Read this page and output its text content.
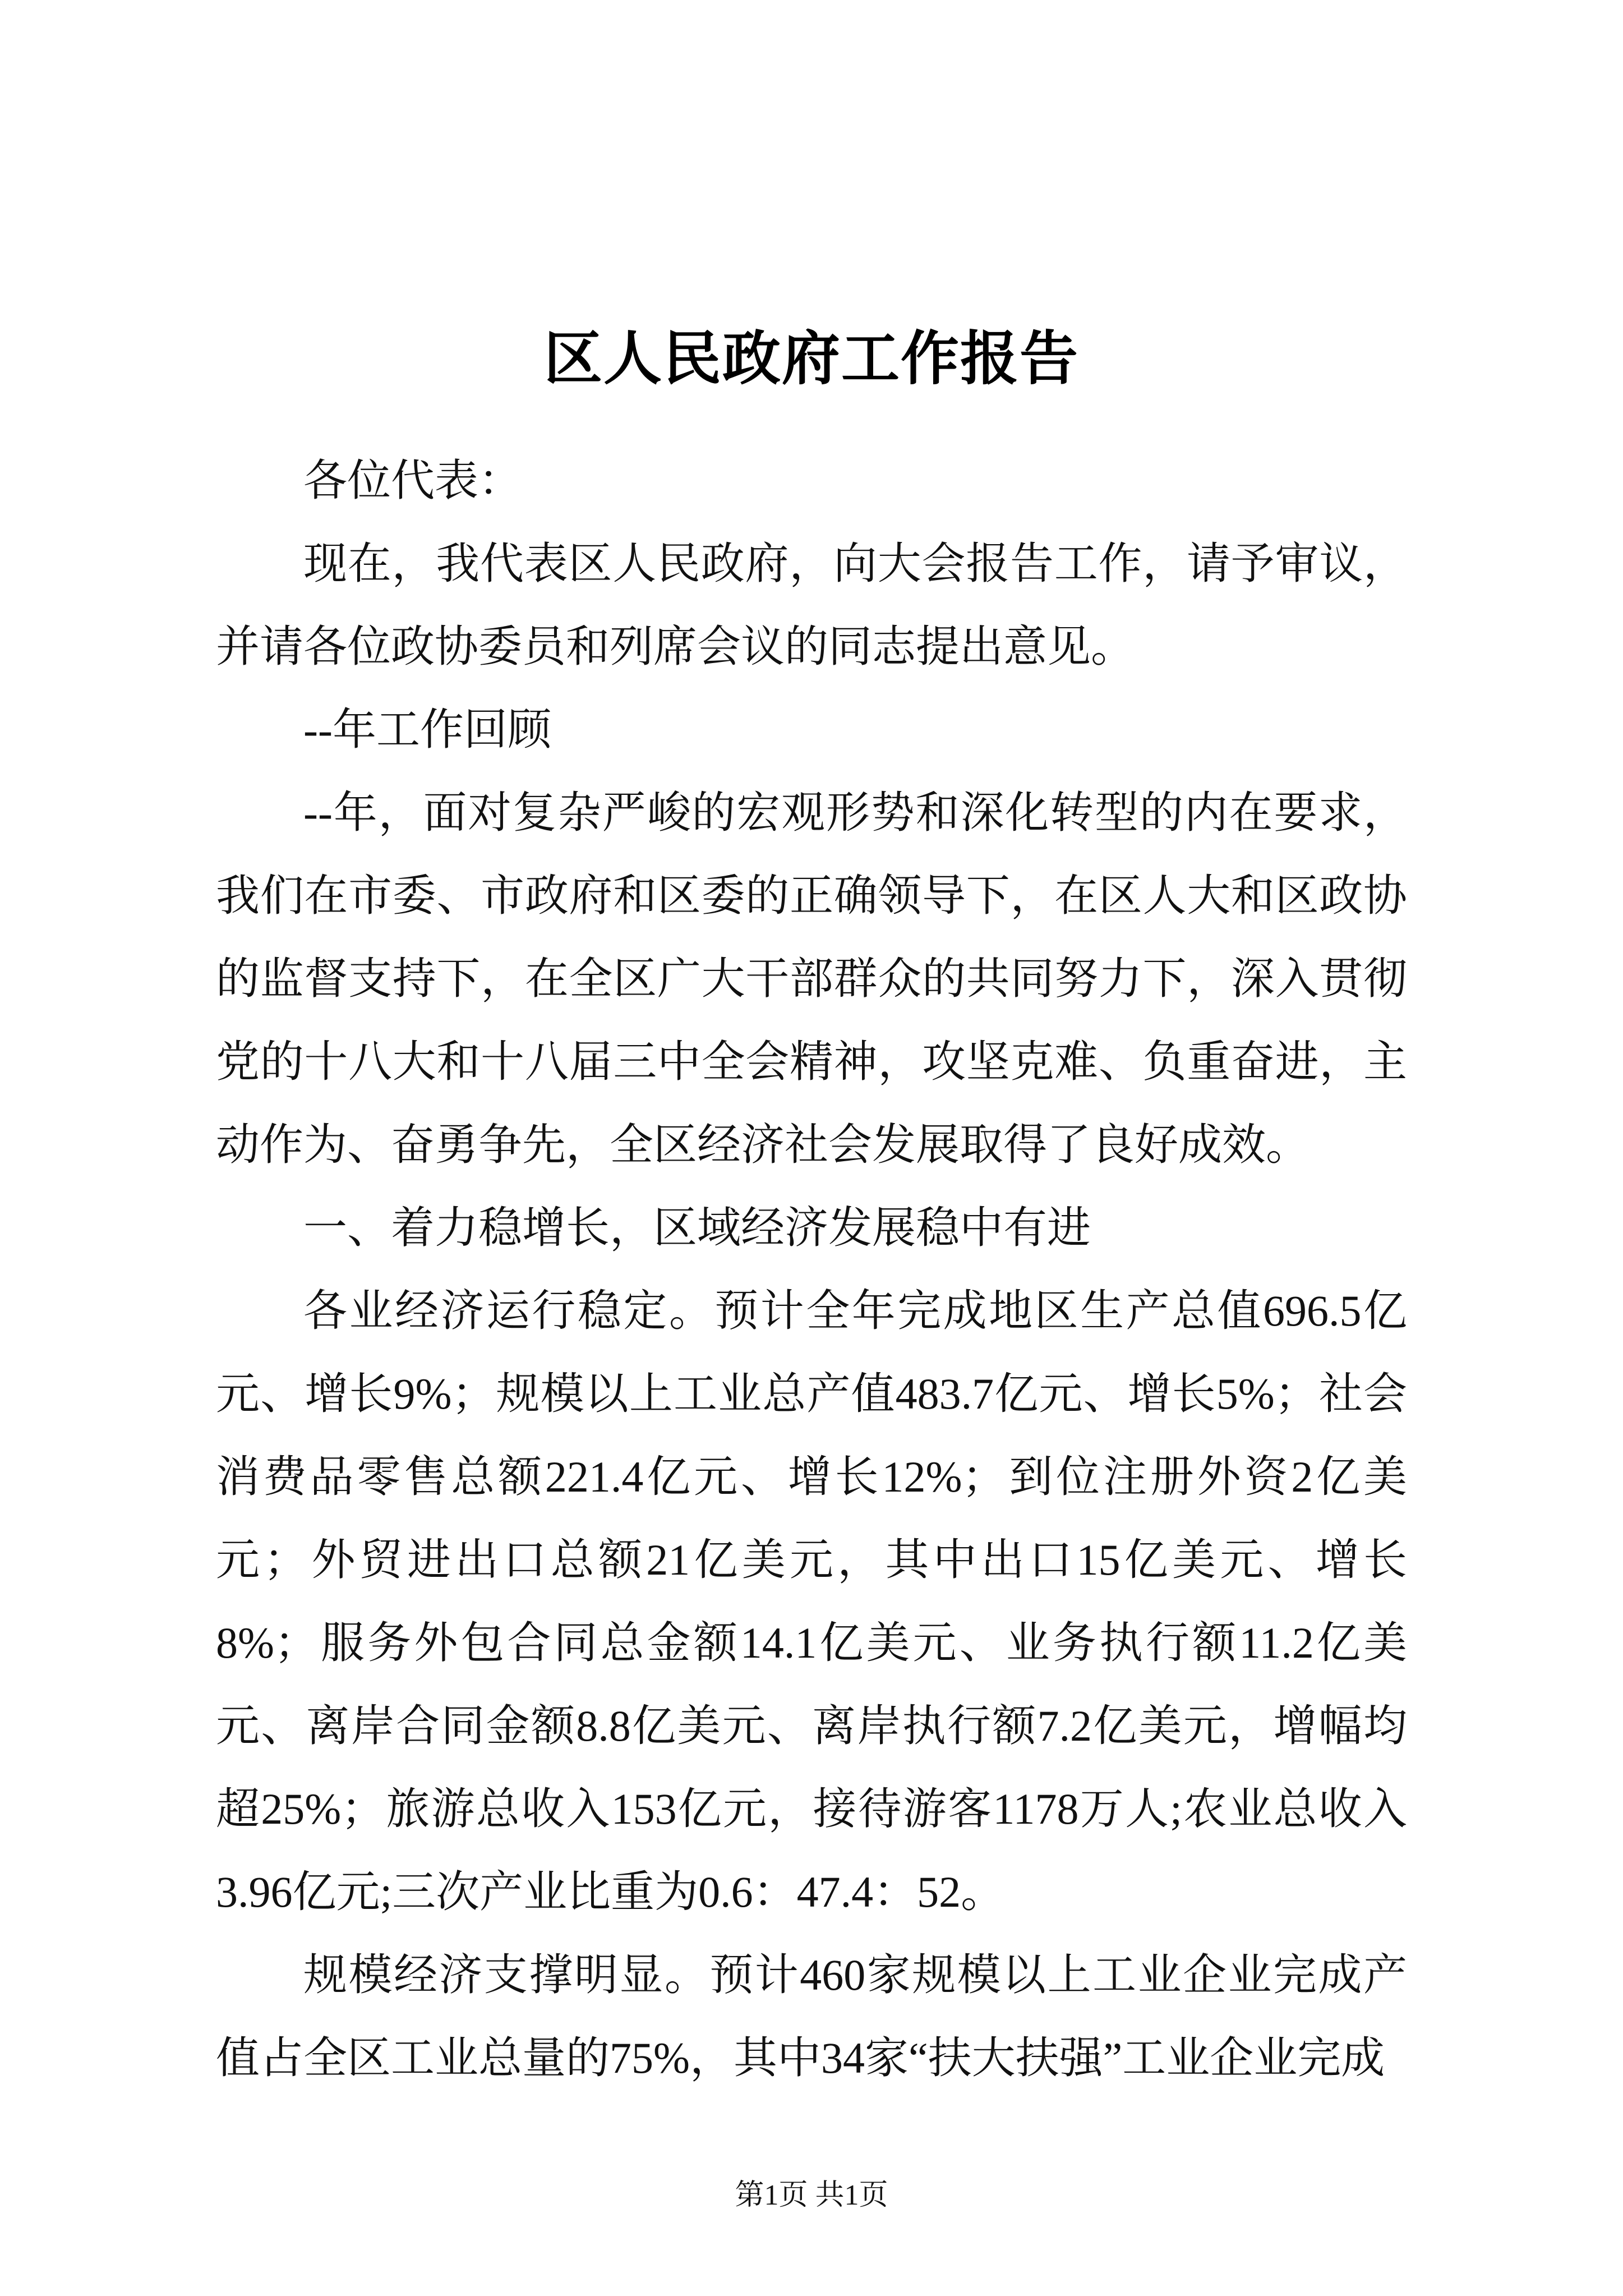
区人民政府工作报告

各位代表：

现在，我代表区人民政府，向大会报告工作，请予审议，并请各位政协委员和列席会议的同志提出意见。

--年工作回顾

--年，面对复杂严峻的宏观形势和深化转型的内在要求，我们在市委、市政府和区委的正确领导下，在区人大和区政协的监督支持下，在全区广大干部群众的共同努力下，深入贯彻党的十八大和十八届三中全会精神，攻坚克难、负重奋进，主动作为、奋勇争先，全区经济社会发展取得了良好成效。

一、着力稳增长，区域经济发展稳中有进

各业经济运行稳定。预计全年完成地区生产总值696.5亿元、增长9%；规模以上工业总产值483.7亿元、增长5%；社会消费品零售总额221.4亿元、增长12%；到位注册外资2亿美元；外贸进出口总额21亿美元，其中出口15亿美元、增长8%；服务外包合同总金额14.1亿美元、业务执行额11.2亿美元、离岸合同金额8.8亿美元、离岸执行额7.2亿美元，增幅均超25%；旅游总收入153亿元，接待游客1178万人;农业总收入3.96亿元;三次产业比重为0.6：47.4：52。

规模经济支撑明显。预计460家规模以上工业企业完成产值占全区工业总量的75%，其中34家“扶大扶强”工业企业完成

第1页 共1页
